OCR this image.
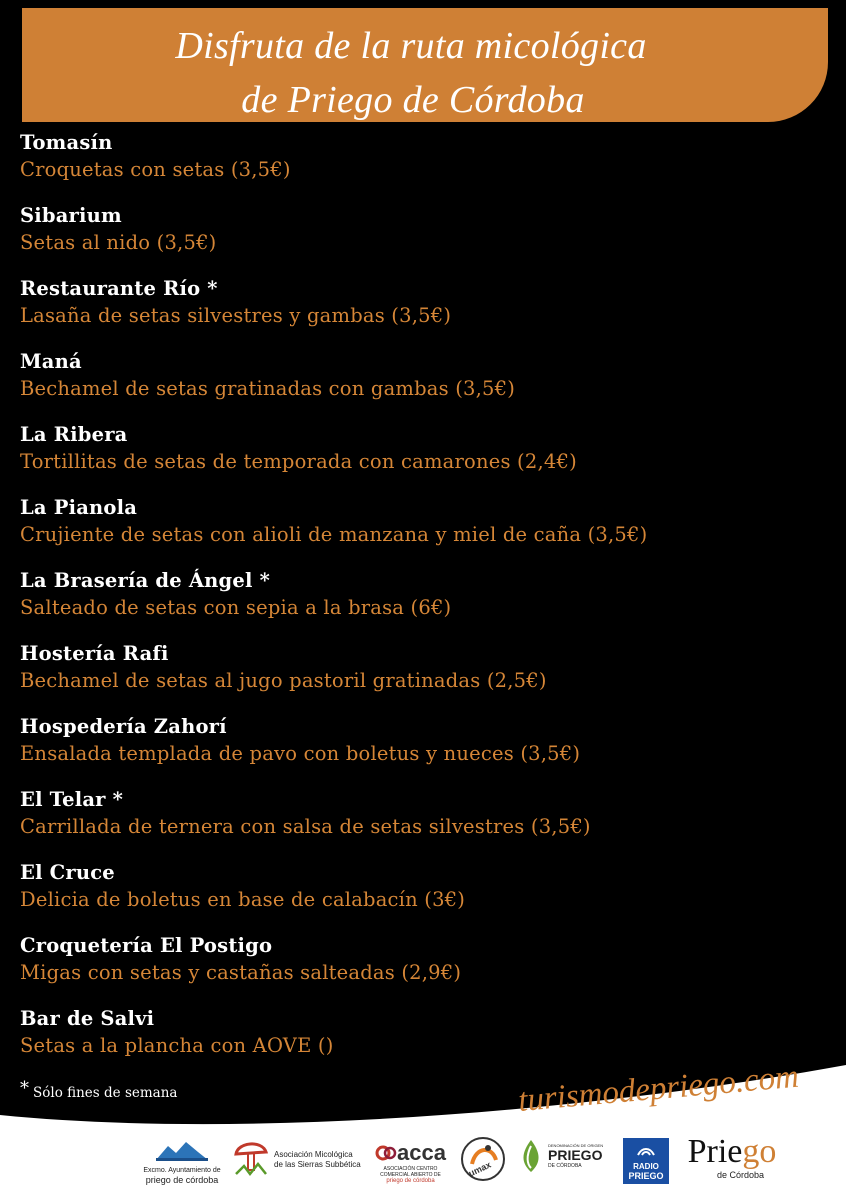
Disfruta de la ruta micológica
de Priego de Córdoba
Tomasín
Croquetas con setas (3,5€)
Sibarium
Setas al nido (3,5€)
Restaurante Río *
Lasaña de setas silvestres y gambas (3,5€)
Maná
Bechamel de setas gratinadas con gambas (3,5€)
La Ribera
Tortillitas de setas de temporada con camarones (2,4€)
La Pianola
Crujiente de setas con alioli de manzana y miel de caña (3,5€)
La Brasería de Ángel *
Salteado de setas con sepia a la brasa (6€)
Hostería Rafi
Bechamel de setas al jugo pastoril gratinadas (2,5€)
Hospedería Zahorí
Ensalada templada de pavo con boletus y nueces (3,5€)
El Telar *
Carrillada de ternera con salsa de setas silvestres (3,5€)
El Cruce
Delicia de boletus en base de calabacín (3€)
Croquetería El Postigo
Migas con setas y castañas salteadas (2,9€)
Bar de Salvi
Setas a la plancha con AOVE ()
* Sólo fines de semana	turismodepriego.com
Excmo. Ayuntamiento de
priego de córdoba
Asociación Micológica
de las Sierras Subbética	acca
ASOCIACIÓN CENTRO
COMERCIAL ABIERTO DE
priego de córdoba
umax
DENOMINACIÓN DE ORIGEN
PRIEGO
DE CÓRDOBA	RADIO
PRIEGO
Priego
de Córdoba
